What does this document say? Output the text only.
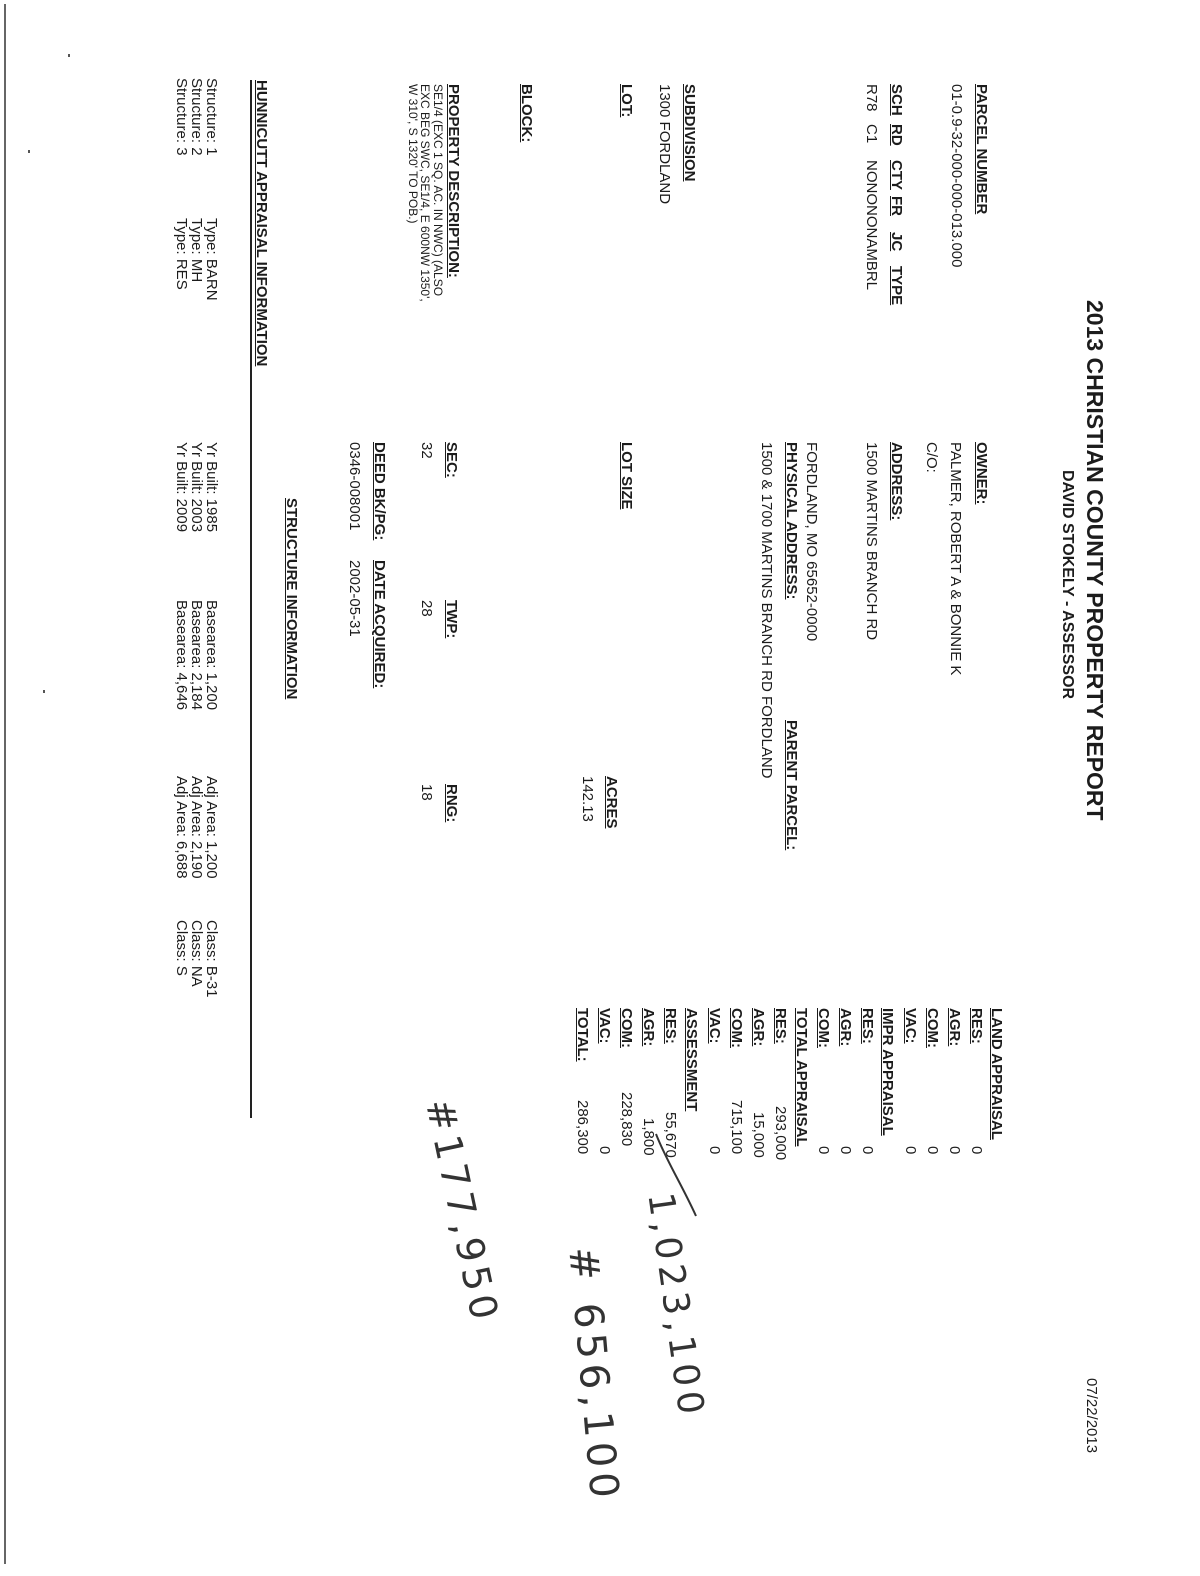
2013 CHRISTIAN COUNTY PROPERTY REPORT
DAVID STOKELY - ASSESSOR
07/22/2013
PARCEL NUMBER
01-0.9-32-000-000-013.000
SCH
RD
CTY
FR
JC
TYPE
R78
C1
NONONONAMBRL
SUBDIVISION
1300 FORDLAND
LOT:
BLOCK:
LOT SIZE
ACRES
142.13
PROPERTY DESCRIPTION:
SE1/4 (EXC 1 SQ. AC. IN NWC) (ALSO
EXC BEG SWC, SE1/4, E 600NW 1350',
W 310', S 1320' TO POB.)
OWNER:
PALMER, ROBERT A & BONNIE K
C/O:
ADDRESS:
1500 MARTINS BRANCH RD
FORDLAND, MO 65652-0000
PHYSICAL ADDRESS:
PARENT PARCEL:
1500 & 1700 MARTINS BRANCH RD FORDLAND
SEC:
32
TWP:
28
RNG:
18
DEED BK/PG:
0346-008001
DATE ACQUIRED:
2002-05-31
STRUCTURE INFORMATION
HUNNICUTT APPRAISAL INFORMATION
Structure: 1
Type: BARN
Yr Built: 1985
Basearea: 1,200
Adj Area: 1,200
Class: B-31
Structure: 2
Type: MH
Yr Built: 2003
Basearea: 2,184
Adj Area: 2,190
Class: NA
Structure: 3
Type: RES
Yr Built: 2009
Basearea: 4,646
Adj Area: 6,688
Class: S
LAND APPRAISAL
RES:
0
AGR:
0
COM:
0
VAC:
0
IMPR APPRAISAL
RES:
0
AGR:
0
COM:
0
TOTAL APPRAISAL
RES:
293,000
AGR:
15,000
COM:
715,100
VAC:
0
ASSESSMENT
RES:
55,670
AGR:
1,800
COM:
228,830
VAC:
0
TOTAL:
286,300
1,023,100
# 656,100
#177,950
